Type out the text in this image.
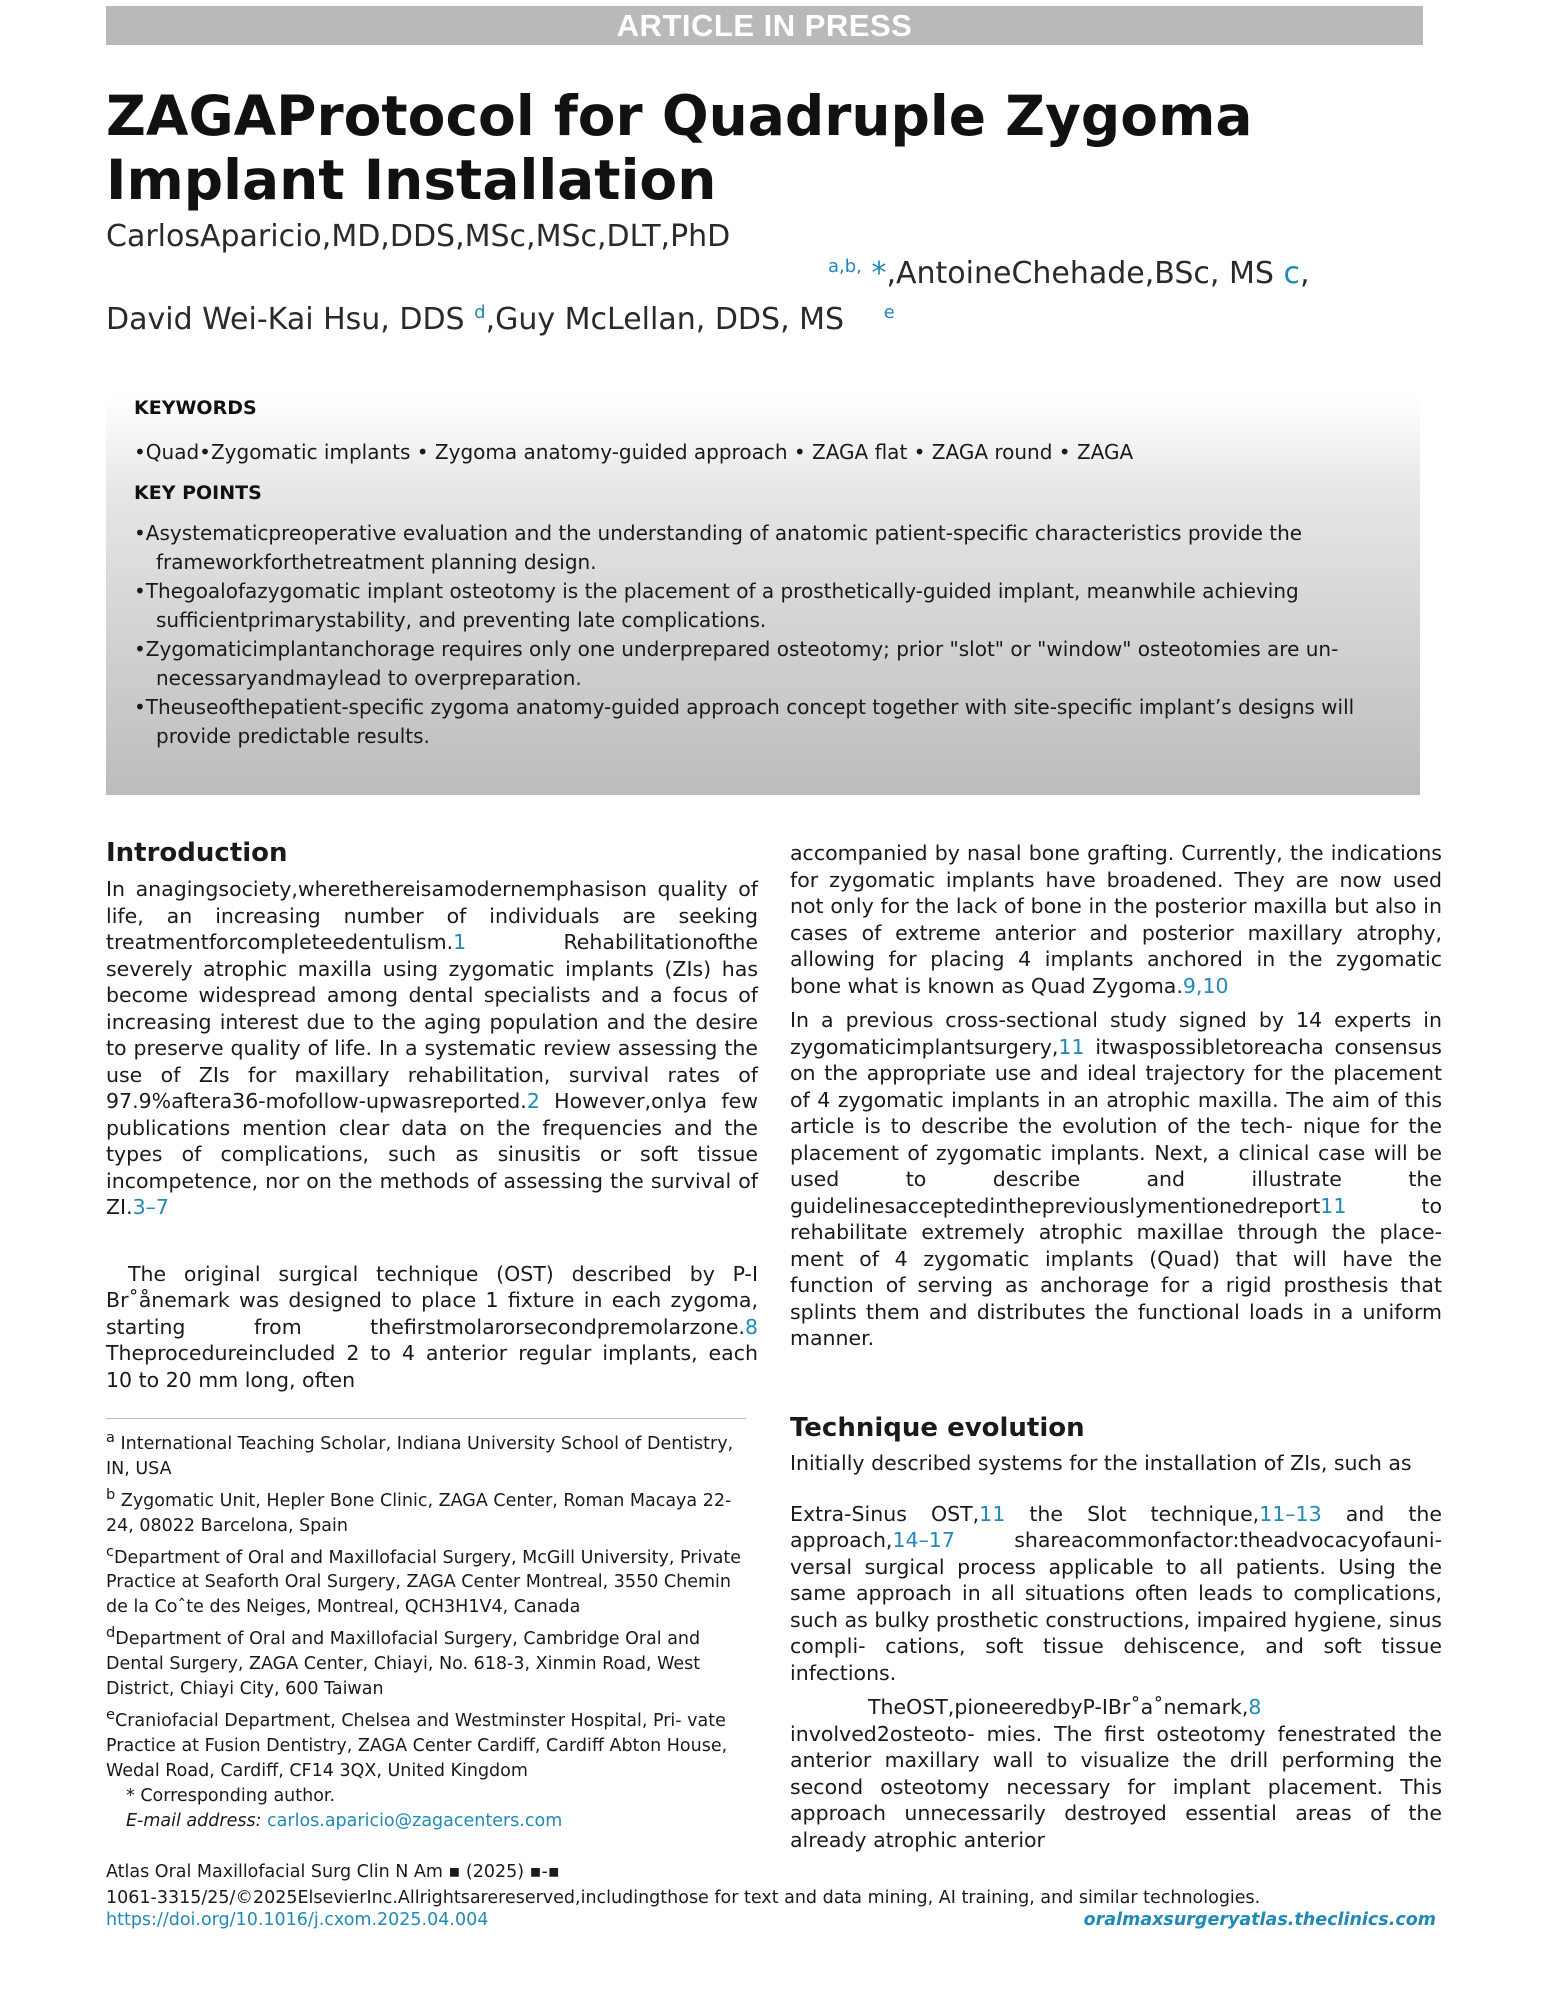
ARTICLE IN PRESS
ZAGAProtocol for Quadruple Zygoma
Implant Installation
CarlosAparicio,MD,DDS,MSc,MSc,DLT,PhD
$^{a,b,}$ *,AntoineChehade,BSc, MS c,
David Wei-Kai Hsu, DDS $^d$,Guy McLellan, DDS, MS $^e$
KEYWORDS
•Quad•Zygomatic implants • Zygoma anatomy-guided approach • ZAGA flat • ZAGA round • ZAGA
KEY POINTS

•Asystematicpreoperative evaluation and the understanding of anatomic patient-specific characteristics provide the frameworkforthetreatment planning design.

•Thegoalofazygomatic implant osteotomy is the placement of a prosthetically-guided implant, meanwhile achieving sufficientprimarystability, and preventing late complications.

•Zygomaticimplantanchorage requires only one underprepared osteotomy; prior "slot" or "window" osteotomies are un- necessaryandmaylead to overpreparation.

•Theuseofthepatient-specific zygoma anatomy-guided approach concept together with site-specific implant’s designs will provide predictable results.

Introduction

In anagingsociety,wherethereisamodernemphasison quality of life, an increasing number of individuals are seeking treatmentforcompleteedentulism.1 Rehabilitationofthe severely atrophic maxilla using zygomatic implants (ZIs) has become widespread among dental specialists and a focus of increasing interest due to the aging population and the desire to preserve quality of life. In a systematic review assessing the use of ZIs for maxillary rehabilitation, survival rates of 97.9%aftera36-mofollow-upwasreported.2 However,onlya few publications mention clear data on the frequencies and the types of complications, such as sinusitis or soft tissue incompetence, nor on the methods of assessing the survival of ZI.3–7

The original surgical technique (OST) described by P-I Br˚ånemark was designed to place 1 fixture in each zygoma, starting from thefirstmolarorsecondpremolarzone.8 Theprocedureincluded 2 to 4 anterior regular implants, each 10 to 20 mm long, often

accompanied by nasal bone grafting. Currently, the indications for zygomatic implants have broadened. They are now used not only for the lack of bone in the posterior maxilla but also in cases of extreme anterior and posterior maxillary atrophy, allowing for placing 4 implants anchored in the zygomatic bone what is known as Quad Zygoma.9,10

In a previous cross-sectional study signed by 14 experts in zygomaticimplantsurgery,11 itwaspossibletoreacha consensus on the appropriate use and ideal trajectory for the placement of 4 zygomatic implants in an atrophic maxilla. The aim of this article is to describe the evolution of the tech- nique for the placement of zygomatic implants. Next, a clinical case will be used to describe and illustrate the guidelinesacceptedinthepreviouslymentionedreport11 to rehabilitate extremely atrophic maxillae through the place- ment of 4 zygomatic implants (Quad) that will have the function of serving as anchorage for a rigid prosthesis that splints them and distributes the functional loads in a uniform manner.

Technique evolution

Initially described systems for the installation of ZIs, such as

Extra-Sinus OST,11 the Slot technique,11–13 and the approach,14–17 shareacommonfactor:theadvocacyofauni- versal surgical process applicable to all patients. Using the same approach in all situations often leads to complications, such as bulky prosthetic constructions, impaired hygiene, sinus compli- cations, soft tissue dehiscence, and soft tissue infections.

TheOST,pioneeredbyP-IBr˚a˚nemark,8 involved2osteoto- mies. The first osteotomy fenestrated the anterior maxillary wall to visualize the drill performing the second osteotomy necessary for implant placement. This approach unnecessarily destroyed essential areas of the already atrophic anterior

$^a$ International Teaching Scholar, Indiana University School of Dentistry, IN, USA

$^b$ Zygomatic Unit, Hepler Bone Clinic, ZAGA Center, Roman Macaya 22-24, 08022 Barcelona, Spain

$^c$Department of Oral and Maxillofacial Surgery, McGill University, Private Practice at Seaforth Oral Surgery, ZAGA Center Montreal, 3550 Chemin de la Coˆte des Neiges, Montreal, QCH3H1V4, Canada

$^d$Department of Oral and Maxillofacial Surgery, Cambridge Oral and Dental Surgery, ZAGA Center, Chiayi, No. 618-3, Xinmin Road, West District, Chiayi City, 600 Taiwan

$^e$Craniofacial Department, Chelsea and Westminster Hospital, Pri- vate Practice at Fusion Dentistry, ZAGA Center Cardiff, Cardiff Abton House, Wedal Road, Cardiff, CF14 3QX, United Kingdom

* Corresponding author.

E-mail address: carlos.aparicio@zagacenters.com

Atlas Oral Maxillofacial Surg Clin N Am ▪ (2025) ▪-▪
1061-3315/25/©2025ElsevierInc.Allrightsarereserved,includingthose for text and data mining, AI training, and similar technologies.
https://doi.org/10.1016/j.cxom.2025.04.004	oralmaxsurgeryatlas.theclinics.com
